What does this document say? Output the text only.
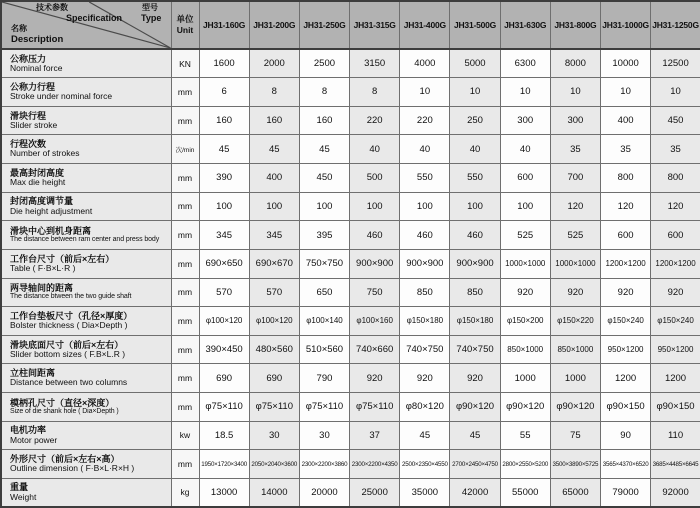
技术参数
Specification
型号
Type
名称
Description

单位
Unit	JH31-160G	JH31-200G	JH31-250G	JH31-315G	JH31-400G	JH31-500G	JH31-630G	JH31-800G	JH31-1000G	JH31-1250G

公称压力
Nominal force	KN	1600	2000	2500	3150	4000	5000	6300	8000	10000	12500

公称力行程
Stroke under nominal force	mm	6	8	8	8	10	10	10	10	10	10

滑块行程
Slider stroke	mm	160	160	160	220	220	250	300	300	400	450

行程次数
Number of strokes	次/min	45	45	45	40	40	40	40	35	35	35

最高封闭高度
Max die height	mm	390	400	450	500	550	550	600	700	800	800

封闭高度调节量
Die height adjustment	mm	100	100	100	100	100	100	100	120	120	120

滑块中心到机身距离
The distance between ram center and press body	mm	345	345	395	460	460	460	525	525	600	600

工作台尺寸（前后×左右）
Table ( F·B×L·R )	mm	690×650	690×670	750×750	900×900	900×900	900×900	1000×1000	1000×1000	1200×1200	1200×1200

两导轴间的距离
The distance btween the two guide shaft	mm	570	570	650	750	850	850	920	920	920	920

工作台垫板尺寸（孔径×厚度）
Bolster thickness ( Dia×Depth )	mm	φ100×120	φ100×120	φ100×140	φ100×160	φ150×180	φ150×180	φ150×200	φ150×220	φ150×240	φ150×240

滑块底面尺寸（前后×左右）
Slider bottom sizes ( F.B×L.R )	mm	390×450	480×560	510×560	740×660	740×750	740×750	850×1000	850×1000	950×1200	950×1200

立柱间距离
Distance between two columns	mm	690	690	790	920	920	920	1000	1000	1200	1200

模柄孔尺寸（直径×深度）
Size of die shank hole ( Dia×Depth )	mm	φ75×110	φ75×110	φ75×110	φ75×110	φ80×120	φ90×120	φ90×120	φ90×120	φ90×150	φ90×150

电机功率
Motor power	kw	18.5	30	30	37	45	45	55	75	90	110

外形尺寸（前后×左右×高）
Outline dimension ( F·B×L·R×H )	mm	1950×1720×3400	2050×2040×3600	2300×2200×3860	2300×2200×4350	2500×2350×4550	2700×2450×4750	2800×2550×5200	3500×3890×5725	3565×4370×6520	3685×4485×6645

重量
Weight	kg	13000	14000	20000	25000	35000	42000	55000	65000	79000	92000
